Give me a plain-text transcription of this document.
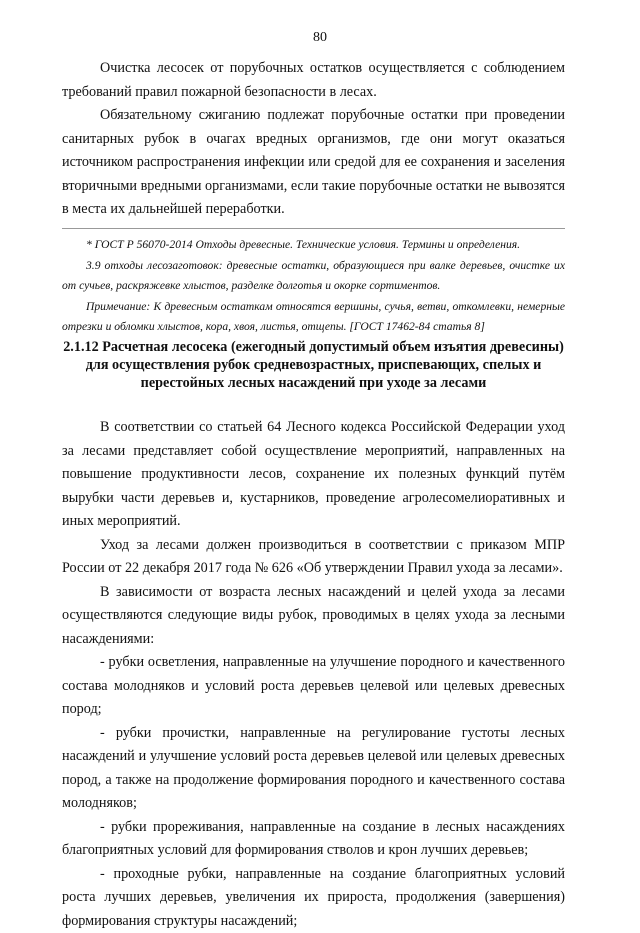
80

Очистка лесосек от порубочных остатков осуществляется с соблюдением требований правил пожарной безопасности в лесах.

Обязательному сжиганию подлежат порубочные остатки при проведении санитарных рубок в очагах вредных организмов, где они могут оказаться источником распространения инфекции или средой для ее сохранения и заселения вторичными вредными организмами, если такие порубочные остатки не вывозятся в места их дальнейшей переработки.

* ГОСТ Р 56070-2014 Отходы древесные. Технические условия. Термины и определения.

3.9 отходы лесозаготовок: древесные остатки, образующиеся при валке деревьев, очистке их от сучьев, раскряжевке хлыстов, разделке долготья и окорке сортиментов.

Примечание: К древесным остаткам относятся вершины, сучья, ветви, откомлевки, немерные отрезки и обломки хлыстов, кора, хвоя, листья, отщепы. [ГОСТ 17462-84 статья 8]

2.1.12 Расчетная лесосека (ежегодный допустимый объем изъятия древесины) для осуществления рубок средневозрастных, приспевающих, спелых и перестойных лесных насаждений при уходе за лесами

В соответствии со статьей 64 Лесного кодекса Российской Федерации уход за лесами представляет собой осуществление мероприятий, направленных на повышение продуктивности лесов, сохранение их полезных функций путём вырубки части деревьев и, кустарников, проведение агролесомелиоративных и иных мероприятий.

Уход за лесами должен производиться в соответствии с приказом МПР России от 22 декабря 2017 года № 626 «Об утверждении Правил ухода за лесами».

В зависимости от возраста лесных насаждений и целей ухода за лесами осуществляются следующие виды рубок, проводимых в целях ухода за лесными насаждениями:

- рубки осветления, направленные на улучшение породного и качественного состава молодняков и условий роста деревьев целевой или целевых древесных пород;

- рубки прочистки, направленные на регулирование густоты лесных насаждений и улучшение условий роста деревьев целевой или целевых древесных пород, а также на продолжение формирования породного и качественного состава молодняков;

- рубки прореживания, направленные на создание в лесных насаждениях благоприятных условий для формирования стволов и крон лучших деревьев;

- проходные рубки, направленные на создание благоприятных условий роста лучших деревьев, увеличения их прироста, продолжения (завершения) формирования структуры насаждений;
